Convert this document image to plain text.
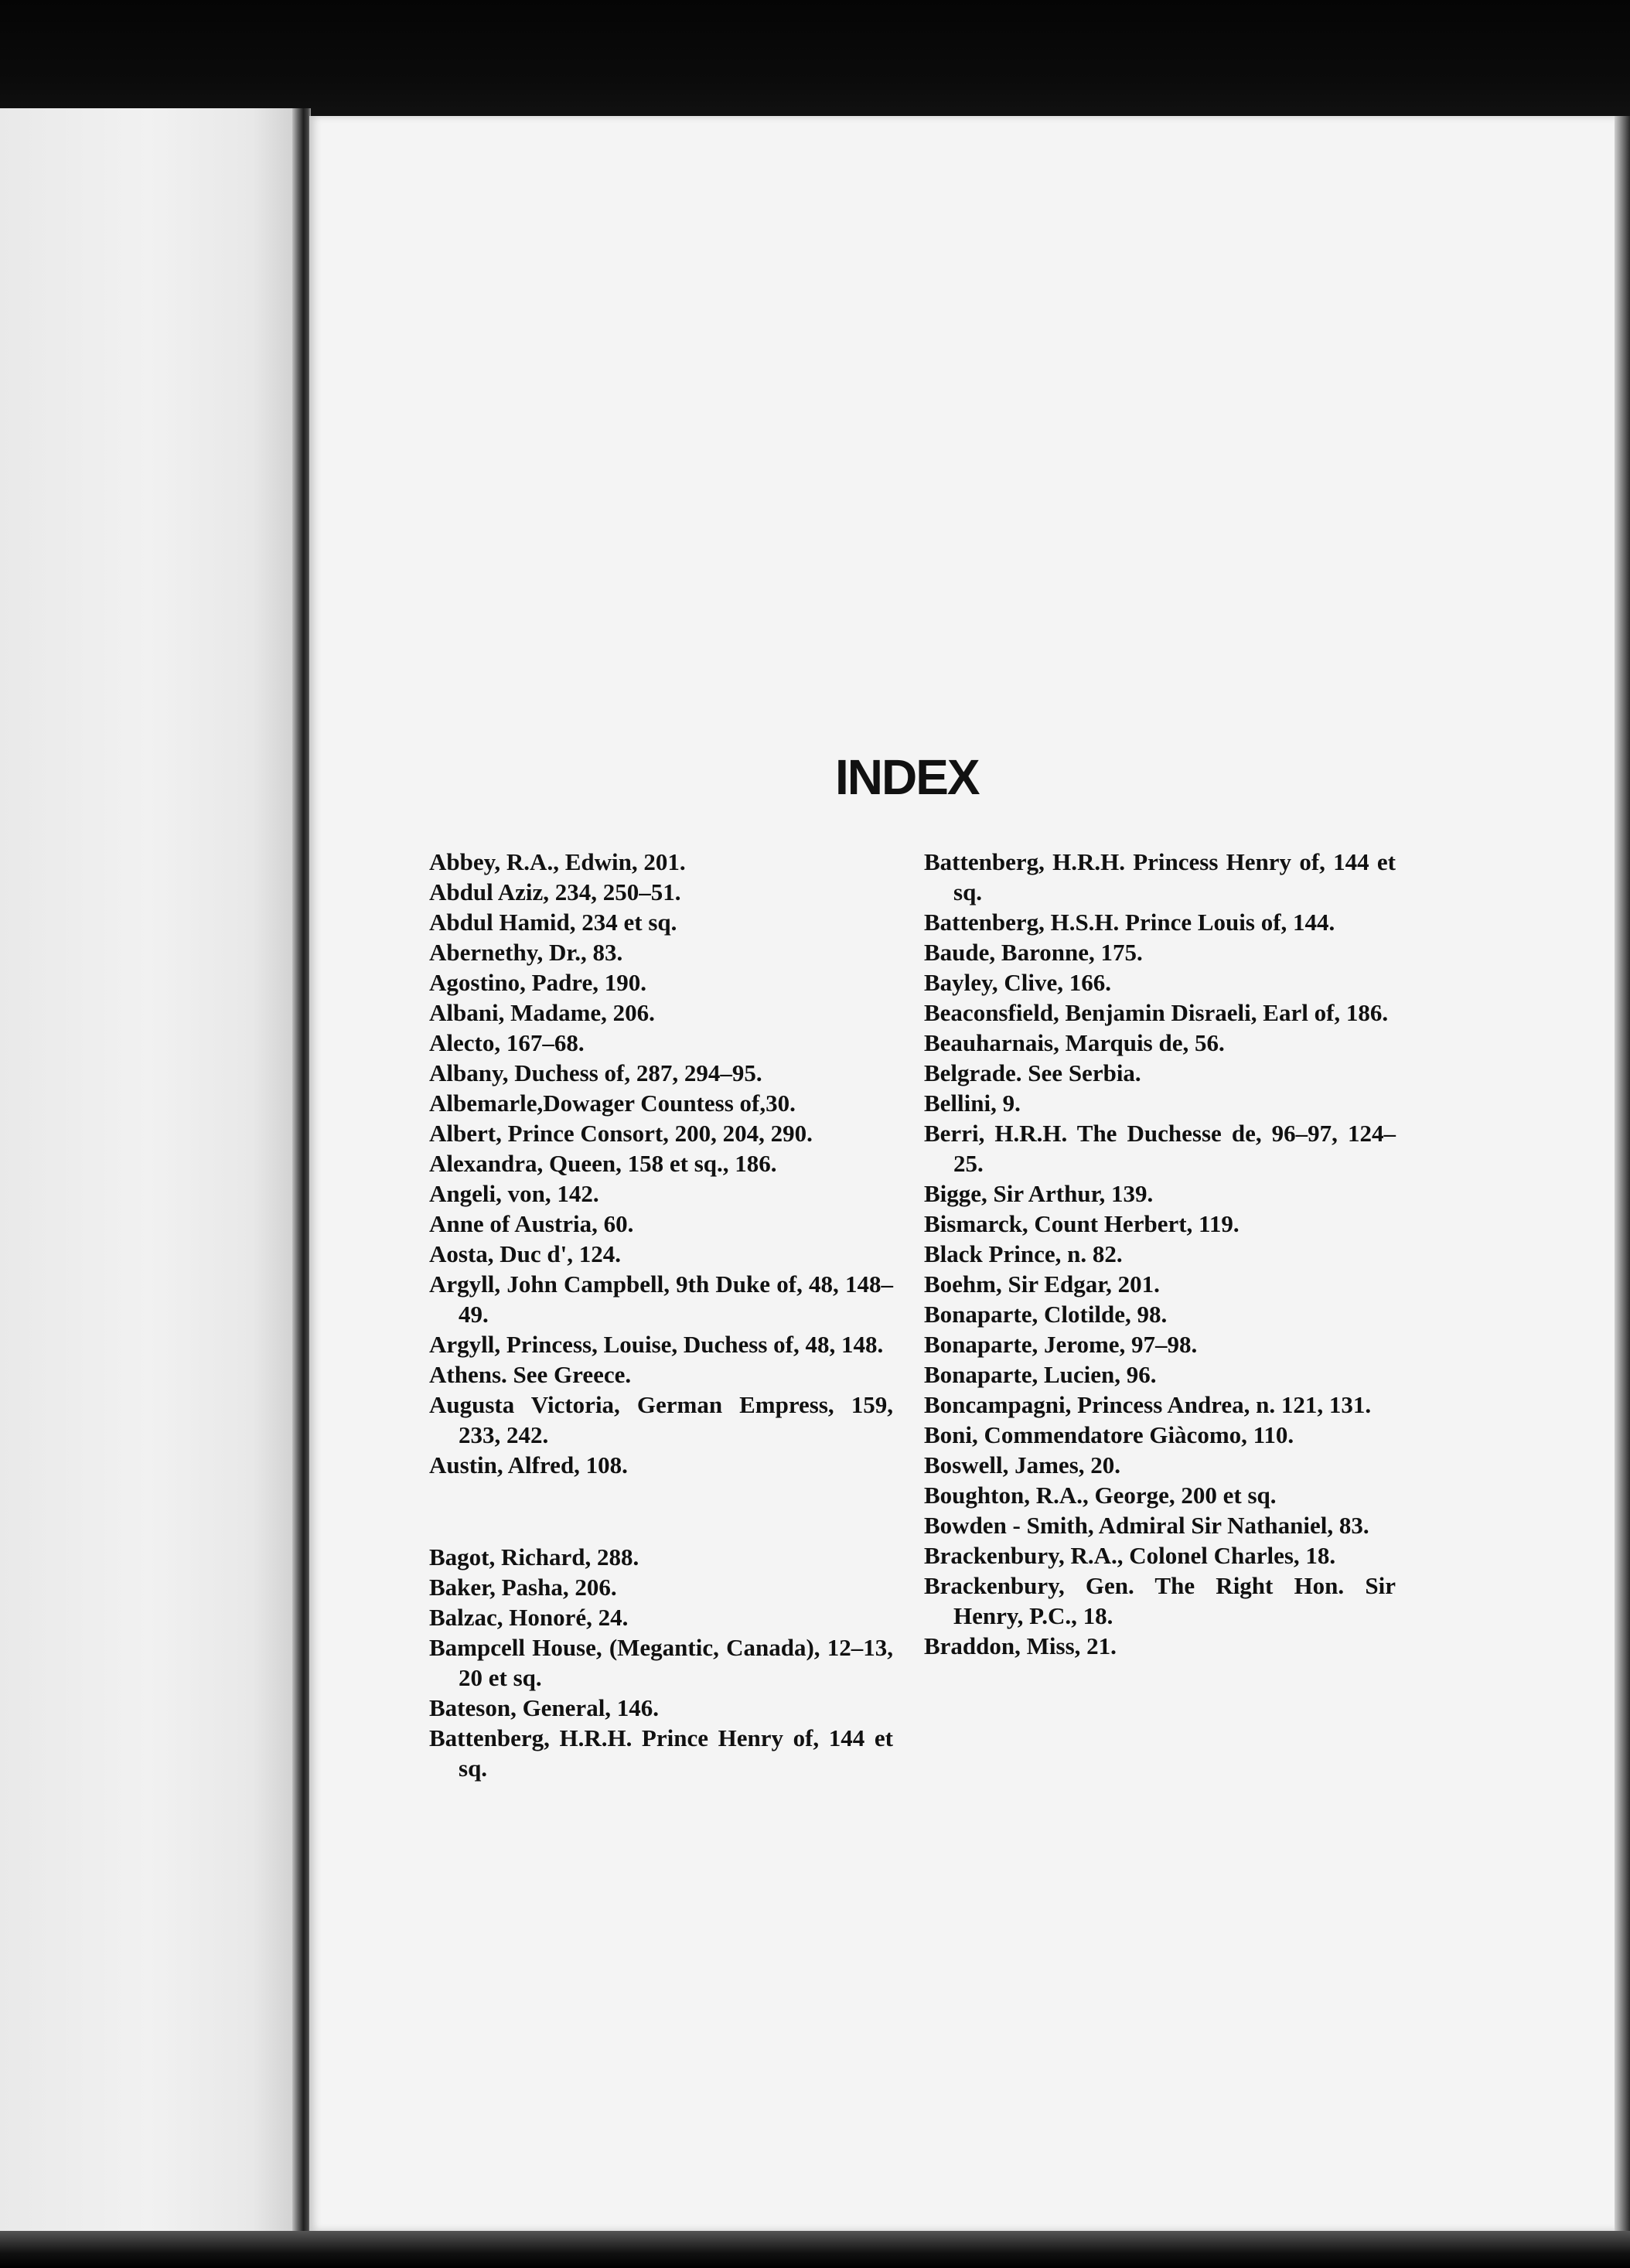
INDEX

Abbey, R.A., Edwin, 201.

Abdul Aziz, 234, 250–51.

Abdul Hamid, 234 et sq.

Abernethy, Dr., 83.

Agostino, Padre, 190.

Albani, Madame, 206.

Alecto, 167–68.

Albany, Duchess of, 287, 294–95.

Albemarle,Dowager Countess of,30.

Albert, Prince Consort, 200, 204, 290.

Alexandra, Queen, 158 et sq., 186.

Angeli, von, 142.

Anne of Austria, 60.

Aosta, Duc d', 124.

Argyll, John Campbell, 9th Duke of, 48, 148–49.

Argyll, Princess, Louise, Duchess of, 48, 148.

Athens. See Greece.

Augusta Victoria, German Empress, 159, 233, 242.

Austin, Alfred, 108.

Bagot, Richard, 288.

Baker, Pasha, 206.

Balzac, Honoré, 24.

Bampcell House, (Megantic, Canada), 12–13, 20 et sq.

Bateson, General, 146.

Battenberg, H.R.H. Prince Henry of, 144 et sq.

Battenberg, H.R.H. Princess Henry of, 144 et sq.

Battenberg, H.S.H. Prince Louis of, 144.

Baude, Baronne, 175.

Bayley, Clive, 166.

Beaconsfield, Benjamin Disraeli, Earl of, 186.

Beauharnais, Marquis de, 56.

Belgrade. See Serbia.

Bellini, 9.

Berri, H.R.H. The Duchesse de, 96–97, 124–25.

Bigge, Sir Arthur, 139.

Bismarck, Count Herbert, 119.

Black Prince, n. 82.

Boehm, Sir Edgar, 201.

Bonaparte, Clotilde, 98.

Bonaparte, Jerome, 97–98.

Bonaparte, Lucien, 96.

Boncampagni, Princess Andrea, n. 121, 131.

Boni, Commendatore Giàcomo, 110.

Boswell, James, 20.

Boughton, R.A., George, 200 et sq.

Bowden - Smith, Admiral Sir Nathaniel, 83.

Brackenbury, R.A., Colonel Charles, 18.

Brackenbury, Gen. The Right Hon. Sir Henry, P.C., 18.

Braddon, Miss, 21.
